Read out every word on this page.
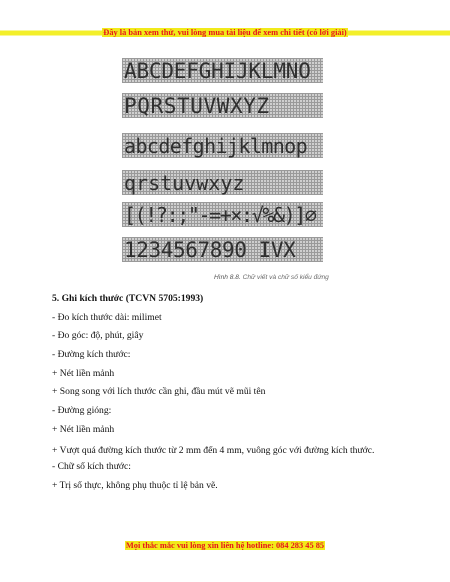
Đây là bản xem thử, vui lòng mua tài liệu để xem chi tiết (có lời giải)
ABCDEFGHIJKLMNO
PQRSTUVWXYZ
abcdefghijklmnop
qrstuvwxyz
[(!?:;"-=+×:√%&)]∅
1234567890 IVX
Hình 8.8. Chữ viết và chữ số kiểu đứng
5. Ghi kích thước (TCVN 5705:1993)
- Đo kích thước dài: milimet
- Đo góc: độ, phút, giây
- Đường kích thước:
+ Nét liền mảnh
+ Song song với lích thước cần ghi, đầu mút vẽ mũi tên
- Đường gióng:
+ Nét liền mảnh
+ Vượt quá đường kích thước từ 2 mm đến 4 mm, vuông góc với đường kích thước.
- Chữ số kích thước:
+ Trị số thực, không phụ thuộc tỉ lệ bản vẽ.
Mọi thắc mắc vui lòng xin liên hệ hotline: 084 283 45 85
